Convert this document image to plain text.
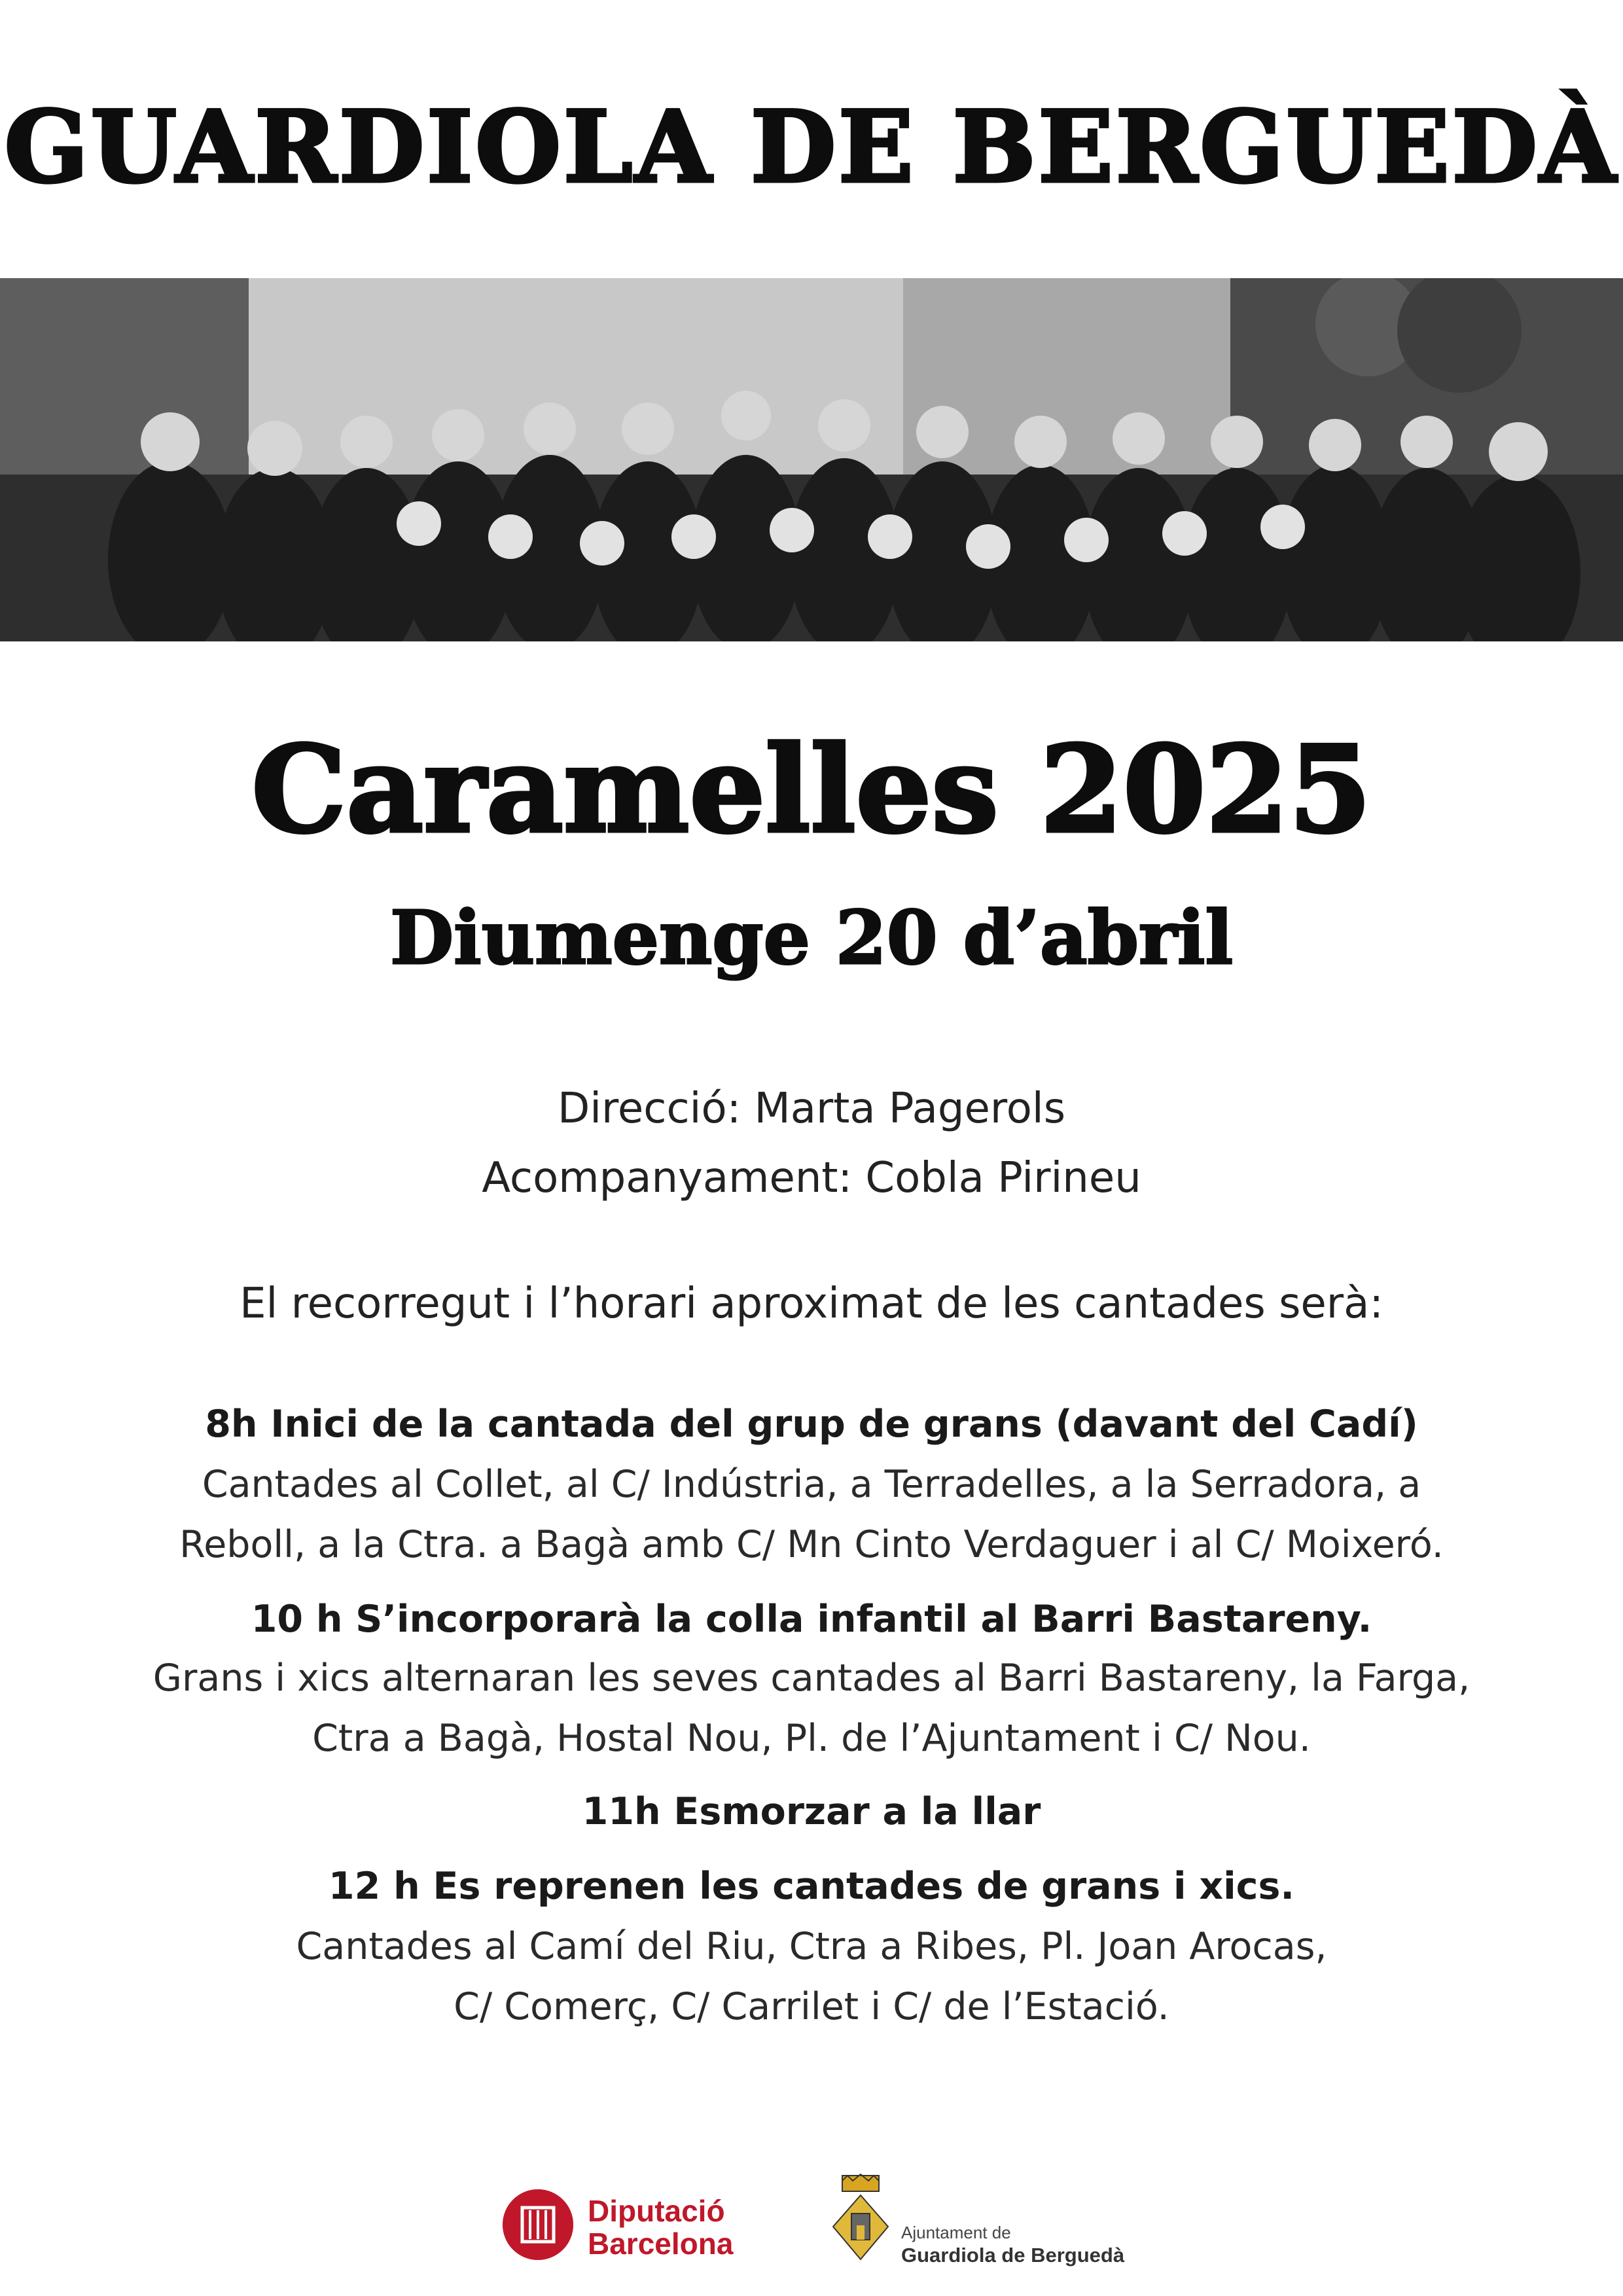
GUARDIOLA DE BERGUEDÀ
Caramelles 2025
Diumenge 20 d’abril
Direcció: Marta Pagerols
Acompanyament: Cobla Pirineu
El recorregut i l’horari aproximat de les cantades serà:
8h Inici de la cantada del grup de grans (davant del Cadí)
Cantades al Collet, al C/ Indústria, a Terradelles, a la Serradora, a
Reboll, a la Ctra. a Bagà amb C/ Mn Cinto Verdaguer i al C/ Moixeró.
10 h S’incorporarà la colla infantil al Barri Bastareny.
Grans i xics alternaran les seves cantades al Barri Bastareny, la Farga,
Ctra a Bagà, Hostal Nou, Pl. de l’Ajuntament i C/ Nou.
11h Esmorzar a la llar
12 h Es reprenen les cantades de grans i xics.
Cantades al Camí del Riu, Ctra a Ribes, Pl. Joan Arocas,
C/ Comerç, C/ Carrilet i C/ de l’Estació.
Diputació
Barcelona	Ajuntament de
Guardiola de Berguedà
